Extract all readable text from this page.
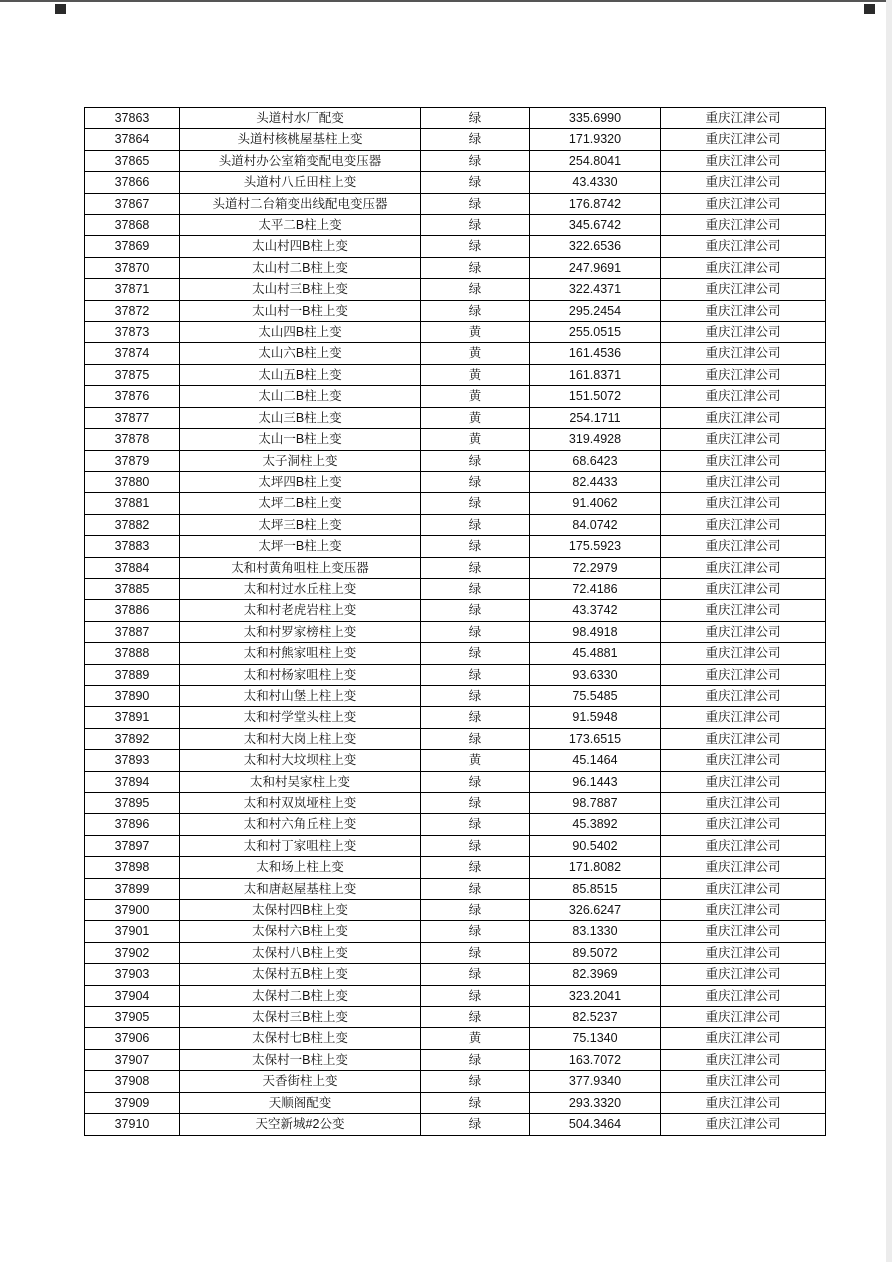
37863	头道村水厂配变	绿	335.6990	重庆江津公司
37864	头道村核桃屋基柱上变	绿	171.9320	重庆江津公司
37865	头道村办公室箱变配电变压器	绿	254.8041	重庆江津公司
37866	头道村八丘田柱上变	绿	43.4330	重庆江津公司
37867	头道村二台箱变出线配电变压器	绿	176.8742	重庆江津公司
37868	太平二B柱上变	绿	345.6742	重庆江津公司
37869	太山村四B柱上变	绿	322.6536	重庆江津公司
37870	太山村二B柱上变	绿	247.9691	重庆江津公司
37871	太山村三B柱上变	绿	322.4371	重庆江津公司
37872	太山村一B柱上变	绿	295.2454	重庆江津公司
37873	太山四B柱上变	黄	255.0515	重庆江津公司
37874	太山六B柱上变	黄	161.4536	重庆江津公司
37875	太山五B柱上变	黄	161.8371	重庆江津公司
37876	太山二B柱上变	黄	151.5072	重庆江津公司
37877	太山三B柱上变	黄	254.1711	重庆江津公司
37878	太山一B柱上变	黄	319.4928	重庆江津公司
37879	太子洞柱上变	绿	68.6423	重庆江津公司
37880	太坪四B柱上变	绿	82.4433	重庆江津公司
37881	太坪二B柱上变	绿	91.4062	重庆江津公司
37882	太坪三B柱上变	绿	84.0742	重庆江津公司
37883	太坪一B柱上变	绿	175.5923	重庆江津公司
37884	太和村黄角咀柱上变压器	绿	72.2979	重庆江津公司
37885	太和村过水丘柱上变	绿	72.4186	重庆江津公司
37886	太和村老虎岩柱上变	绿	43.3742	重庆江津公司
37887	太和村罗家榜柱上变	绿	98.4918	重庆江津公司
37888	太和村熊家咀柱上变	绿	45.4881	重庆江津公司
37889	太和村杨家咀柱上变	绿	93.6330	重庆江津公司
37890	太和村山堡上柱上变	绿	75.5485	重庆江津公司
37891	太和村学堂头柱上变	绿	91.5948	重庆江津公司
37892	太和村大岗上柱上变	绿	173.6515	重庆江津公司
37893	太和村大坟坝柱上变	黄	45.1464	重庆江津公司
37894	太和村吴家柱上变	绿	96.1443	重庆江津公司
37895	太和村双岚垭柱上变	绿	98.7887	重庆江津公司
37896	太和村六角丘柱上变	绿	45.3892	重庆江津公司
37897	太和村丁家咀柱上变	绿	90.5402	重庆江津公司
37898	太和场上柱上变	绿	171.8082	重庆江津公司
37899	太和唐赵屋基柱上变	绿	85.8515	重庆江津公司
37900	太保村四B柱上变	绿	326.6247	重庆江津公司
37901	太保村六B柱上变	绿	83.1330	重庆江津公司
37902	太保村八B柱上变	绿	89.5072	重庆江津公司
37903	太保村五B柱上变	绿	82.3969	重庆江津公司
37904	太保村二B柱上变	绿	323.2041	重庆江津公司
37905	太保村三B柱上变	绿	82.5237	重庆江津公司
37906	太保村七B柱上变	黄	75.1340	重庆江津公司
37907	太保村一B柱上变	绿	163.7072	重庆江津公司
37908	天香街柱上变	绿	377.9340	重庆江津公司
37909	天顺阁配变	绿	293.3320	重庆江津公司
37910	天空新城#2公变	绿	504.3464	重庆江津公司
